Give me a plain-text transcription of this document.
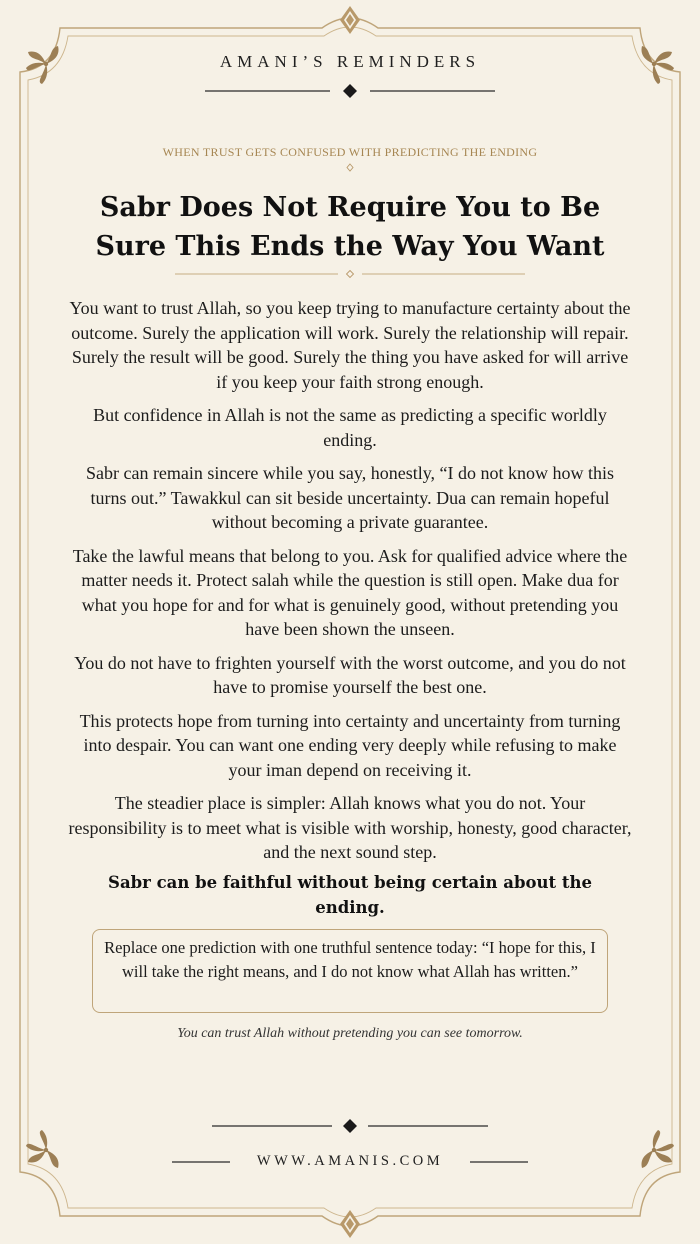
AMANI’S REMINDERS
WHEN TRUST GETS CONFUSED WITH PREDICTING THE ENDING
Sabr Does Not Require You to Be Sure This Ends the Way You Want

You want to trust Allah, so you keep trying to manufacture certainty about the outcome. Surely the application will work. Surely the relationship will repair. Surely the result will be good. Surely the thing you have asked for will arrive if you keep your faith strong enough.

But confidence in Allah is not the same as predicting a specific worldly ending.

Sabr can remain sincere while you say, honestly, “I do not know how this turns out.” Tawakkul can sit beside uncertainty. Dua can remain hopeful without becoming a private guarantee.

Take the lawful means that belong to you. Ask for qualified advice where the matter needs it. Protect salah while the question is still open. Make dua for what you hope for and for what is genuinely good, without pretending you have been shown the unseen.

You do not have to frighten yourself with the worst outcome, and you do not have to promise yourself the best one.

This protects hope from turning into certainty and uncertainty from turning into despair. You can want one ending very deeply while refusing to make your iman depend on receiving it.

The steadier place is simpler: Allah knows what you do not. Your responsibility is to meet what is visible with worship, honesty, good character, and the next sound step.

Sabr can be faithful without being certain about the ending.
Replace one prediction with one truthful sentence today: “I hope for this, I will take the right means, and I do not know what Allah has written.”
You can trust Allah without pretending you can see tomorrow.
WWW.AMANIS.COM
